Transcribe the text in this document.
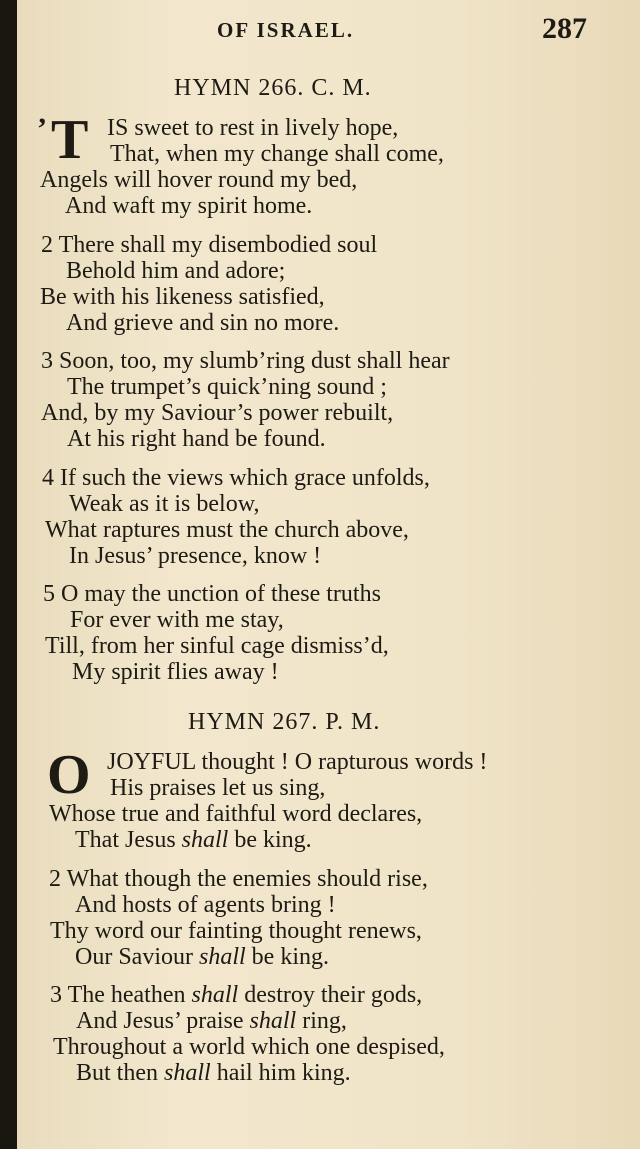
OF ISRAEL.	287
HYMN 266. C. M.
’ T IS sweet to rest in lively hope,
That, when my change shall come,
Angels will hover round my bed,
And waft my spirit home.
2 There shall my disembodied soul
Behold him and adore;
Be with his likeness satisfied,
And grieve and sin no more.
3 Soon, too, my slumb’ring dust shall hear
The trumpet’s quick’ning sound ;
And, by my Saviour’s power rebuilt,
At his right hand be found.
4 If such the views which grace unfolds,
Weak as it is below,
What raptures must the church above,
In Jesus’ presence, know !
5 O may the unction of these truths
For ever with me stay,
Till, from her sinful cage dismiss’d,
My spirit flies away !
HYMN 267. P. M.
O JOYFUL thought ! O rapturous words !
His praises let us sing,
Whose true and faithful word declares,
That Jesus shall be king.
2 What though the enemies should rise,
And hosts of agents bring !
Thy word our fainting thought renews,
Our Saviour shall be king.
3 The heathen shall destroy their gods,
And Jesus’ praise shall ring,
Throughout a world which one despised,
But then shall hail him king.
